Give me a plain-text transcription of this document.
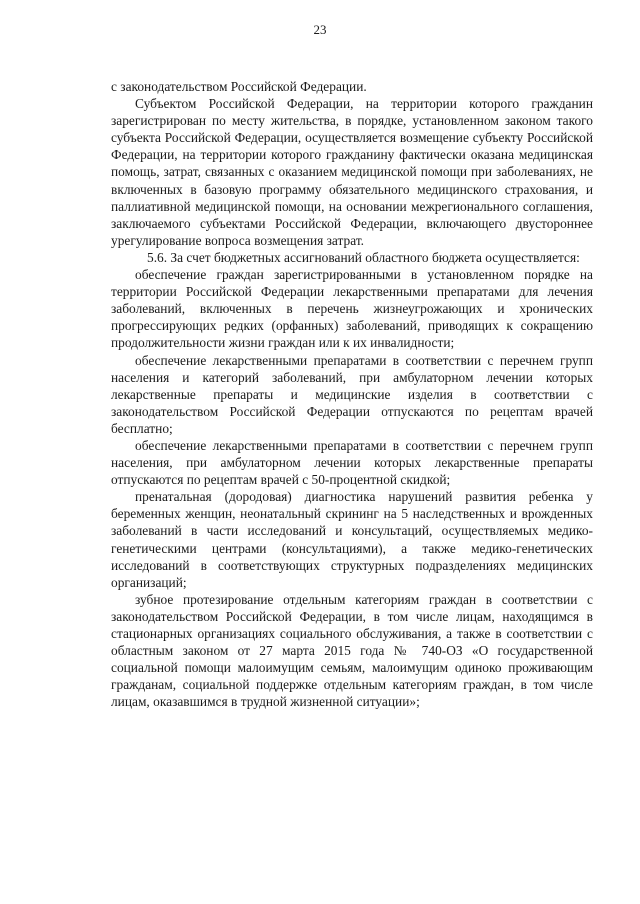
23

с законодательством Российской Федерации.

Субъектом Российской Федерации, на территории которого гражданин зарегистрирован по месту жительства, в порядке, установленном законом такого субъекта Российской Федерации, осуществляется возмещение субъекту Российской Федерации, на территории которого гражданину фактически оказана медицинская помощь, затрат, связанных с оказанием медицинской помощи при заболеваниях, не включенных в базовую программу обязательного медицинского страхования, и паллиативной медицинской помощи, на основании межрегионального соглашения, заключаемого субъектами Российской Федерации, включающего двустороннее урегулирование вопроса возмещения затрат.

5.6. За счет бюджетных ассигнований областного бюджета осуществляется:

обеспечение граждан зарегистрированными в установленном порядке на территории Российской Федерации лекарственными препаратами для лечения заболеваний, включенных в перечень жизнеугрожающих и хронических прогрессирующих редких (орфанных) заболеваний, приводящих к сокращению продолжительности жизни граждан или к их инвалидности;

обеспечение лекарственными препаратами в соответствии с перечнем групп населения и категорий заболеваний, при амбулаторном лечении которых лекарственные препараты и медицинские изделия в соответствии с законодательством Российской Федерации отпускаются по рецептам врачей бесплатно;

обеспечение лекарственными препаратами в соответствии с перечнем групп населения, при амбулаторном лечении которых лекарственные препараты отпускаются по рецептам врачей с 50-процентной скидкой;

пренатальная (дородовая) диагностика нарушений развития ребенка у беременных женщин, неонатальный скрининг на 5 наследственных и врожденных заболеваний в части исследований и консультаций, осуществляемых медико-генетическими центрами (консультациями), а также медико-генетических исследований в соответствующих структурных подразделениях медицинских организаций;

зубное протезирование отдельным категориям граждан в соответствии с законодательством Российской Федерации, в том числе лицам, находящимся в стационарных организациях социального обслуживания, а также в соответствии с областным законом от 27 марта 2015 года № 740-ОЗ «О государственной социальной помощи малоимущим семьям, малоимущим одиноко проживающим гражданам, социальной поддержке отдельным категориям граждан, в том числе лицам, оказавшимся в трудной жизненной ситуации»;
